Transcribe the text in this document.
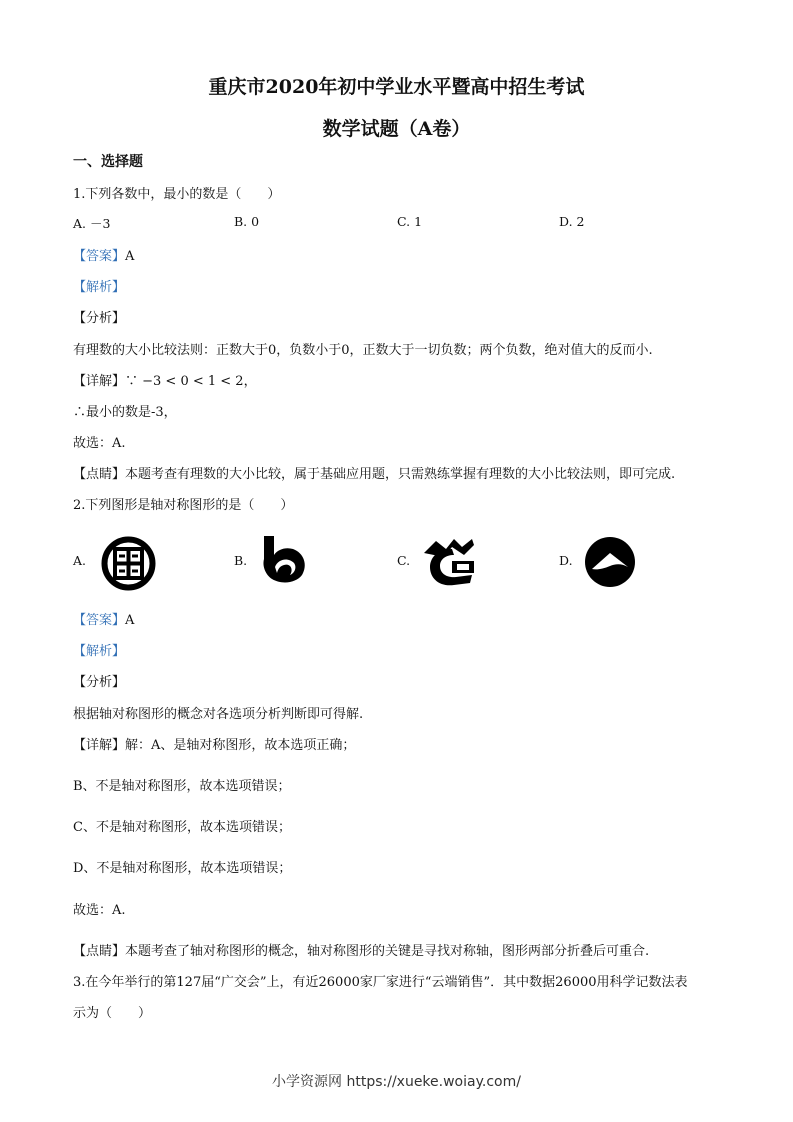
重庆市2020年初中学业水平暨高中招生考试
数学试题（A卷）
一、选择题
1.下列各数中，最小的数是（　　）
A. －3	B. 0	C. 1	D. 2
【答案】A
【解析】
【分析】
有理数的大小比较法则：正数大于0，负数小于0，正数大于一切负数；两个负数，绝对值大的反而小.
【详解】∵ −3 < 0 < 1 < 2，
∴最小的数是-3，
故选：A.
【点睛】本题考查有理数的大小比较，属于基础应用题，只需熟练掌握有理数的大小比较法则，即可完成.
2.下列图形是轴对称图形的是（　　）
A.	B.	C.	D.
【答案】A
【解析】
【分析】
根据轴对称图形的概念对各选项分析判断即可得解.
【详解】解：A、是轴对称图形，故本选项正确；
B、不是轴对称图形，故本选项错误；
C、不是轴对称图形，故本选项错误；
D、不是轴对称图形，故本选项错误；
故选：A.
【点睛】本题考查了轴对称图形的概念，轴对称图形的关键是寻找对称轴，图形两部分折叠后可重合.
3.在今年举行的第127届“广交会”上，有近26000家厂家进行“云端销售”．其中数据26000用科学记数法表
示为（　　）
小学资源网 https://xueke.woiay.com/
